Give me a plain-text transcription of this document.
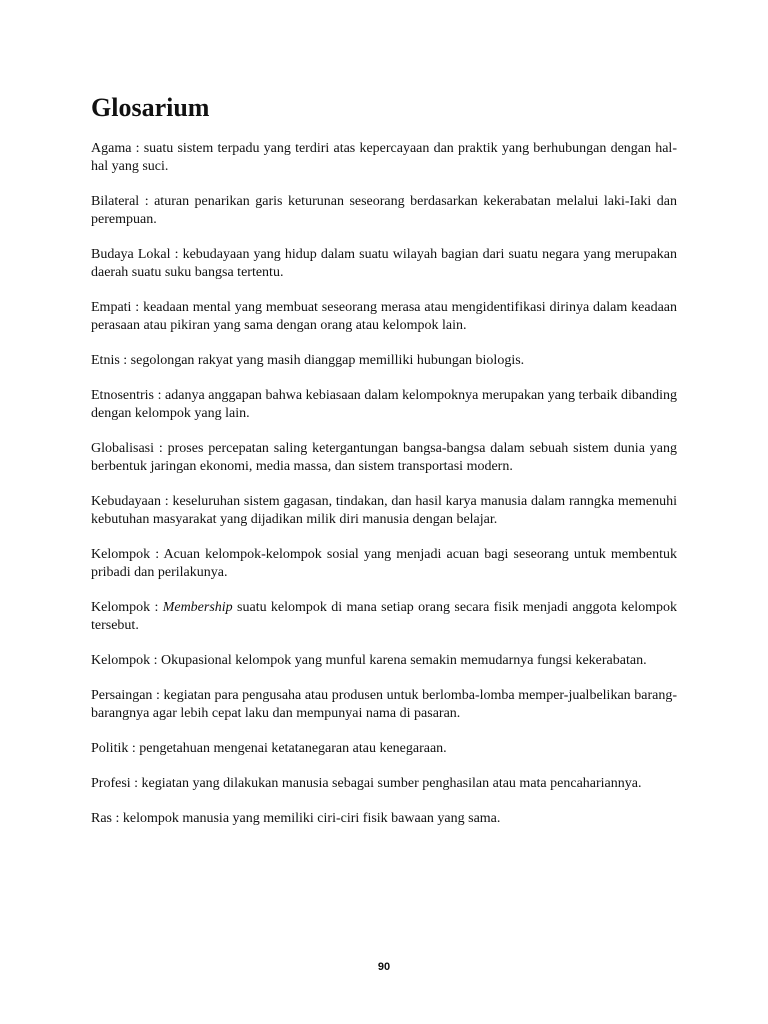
Glosarium

Agama : suatu sistem terpadu yang terdiri atas kepercayaan dan praktik yang berhubungan dengan hal-hal yang suci.

Bilateral : aturan penarikan garis keturunan seseorang berdasarkan kekerabatan melalui laki-Iaki dan perempuan.

Budaya Lokal : kebudayaan yang hidup dalam suatu wilayah bagian dari suatu negara yang merupakan daerah suatu suku bangsa tertentu.

Empati : keadaan mental yang membuat seseorang merasa atau mengidentifikasi dirinya dalam keadaan perasaan atau pikiran yang sama dengan orang atau kelompok lain.

Etnis : segolongan rakyat yang masih dianggap memilliki hubungan biologis.

Etnosentris : adanya anggapan bahwa kebiasaan dalam kelompoknya merupakan yang terbaik dibanding dengan kelompok yang lain.

Globalisasi : proses percepatan saling ketergantungan bangsa-bangsa dalam sebuah sistem dunia yang berbentuk jaringan ekonomi, media massa, dan sistem transportasi modern.

Kebudayaan : keseluruhan sistem gagasan, tindakan, dan hasil karya manusia dalam ranngka memenuhi kebutuhan masyarakat yang dijadikan milik diri manusia dengan belajar.

Kelompok : Acuan kelompok-kelompok sosial yang menjadi acuan bagi seseorang untuk membentuk pribadi dan perilakunya.

Kelompok : Membership suatu kelompok di mana setiap orang secara fisik menjadi anggota kelompok tersebut.

Kelompok : Okupasional kelompok yang munful karena semakin memudarnya fungsi kekerabatan.

Persaingan : kegiatan para pengusaha atau produsen untuk berlomba-lomba memper-jualbelikan barang-barangnya agar lebih cepat laku dan mempunyai nama di pasaran.

Politik : pengetahuan mengenai ketatanegaran atau kenegaraan.

Profesi : kegiatan yang dilakukan manusia sebagai sumber penghasilan atau mata pencahariannya.

Ras : kelompok manusia yang memiliki ciri-ciri fisik bawaan yang sama.

90
